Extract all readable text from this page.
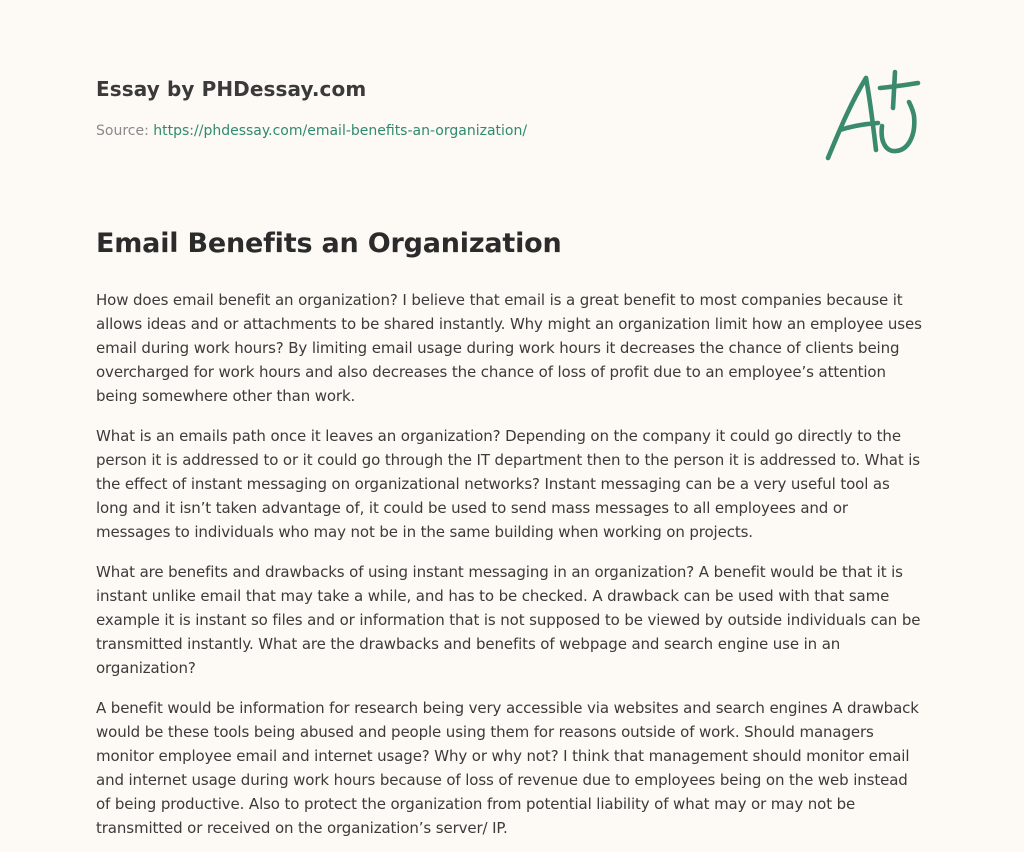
Essay by PHDessay.com
Source: https://phdessay.com/email-benefits-an-organization/
Email Benefits an Organization

How does email benefit an organization? I believe that email is a great benefit to most companies because it allows ideas and or attachments to be shared instantly. Why might an organization limit how an employee uses email during work hours? By limiting email usage during work hours it decreases the chance of clients being overcharged for work hours and also decreases the chance of loss of profit due to an employee’s attention being somewhere other than work.

What is an emails path once it leaves an organization? Depending on the company it could go directly to the person it is addressed to or it could go through the IT department then to the person it is addressed to. What is the effect of instant messaging on organizational networks? Instant messaging can be a very useful tool as long and it isn’t taken advantage of, it could be used to send mass messages to all employees and or messages to individuals who may not be in the same building when working on projects.

What are benefits and drawbacks of using instant messaging in an organization? A benefit would be that it is instant unlike email that may take a while, and has to be checked. A drawback can be used with that same example it is instant so files and or information that is not supposed to be viewed by outside individuals can be transmitted instantly. What are the drawbacks and benefits of webpage and search engine use in an organization?

A benefit would be information for research being very accessible via websites and search engines A drawback would be these tools being abused and people using them for reasons outside of work. Should managers monitor employee email and internet usage? Why or why not? I think that management should monitor email and internet usage during work hours because of loss of revenue due to employees being on the web instead of being productive. Also to protect the organization from potential liability of what may or may not be transmitted or received on the organization’s server/ IP.
